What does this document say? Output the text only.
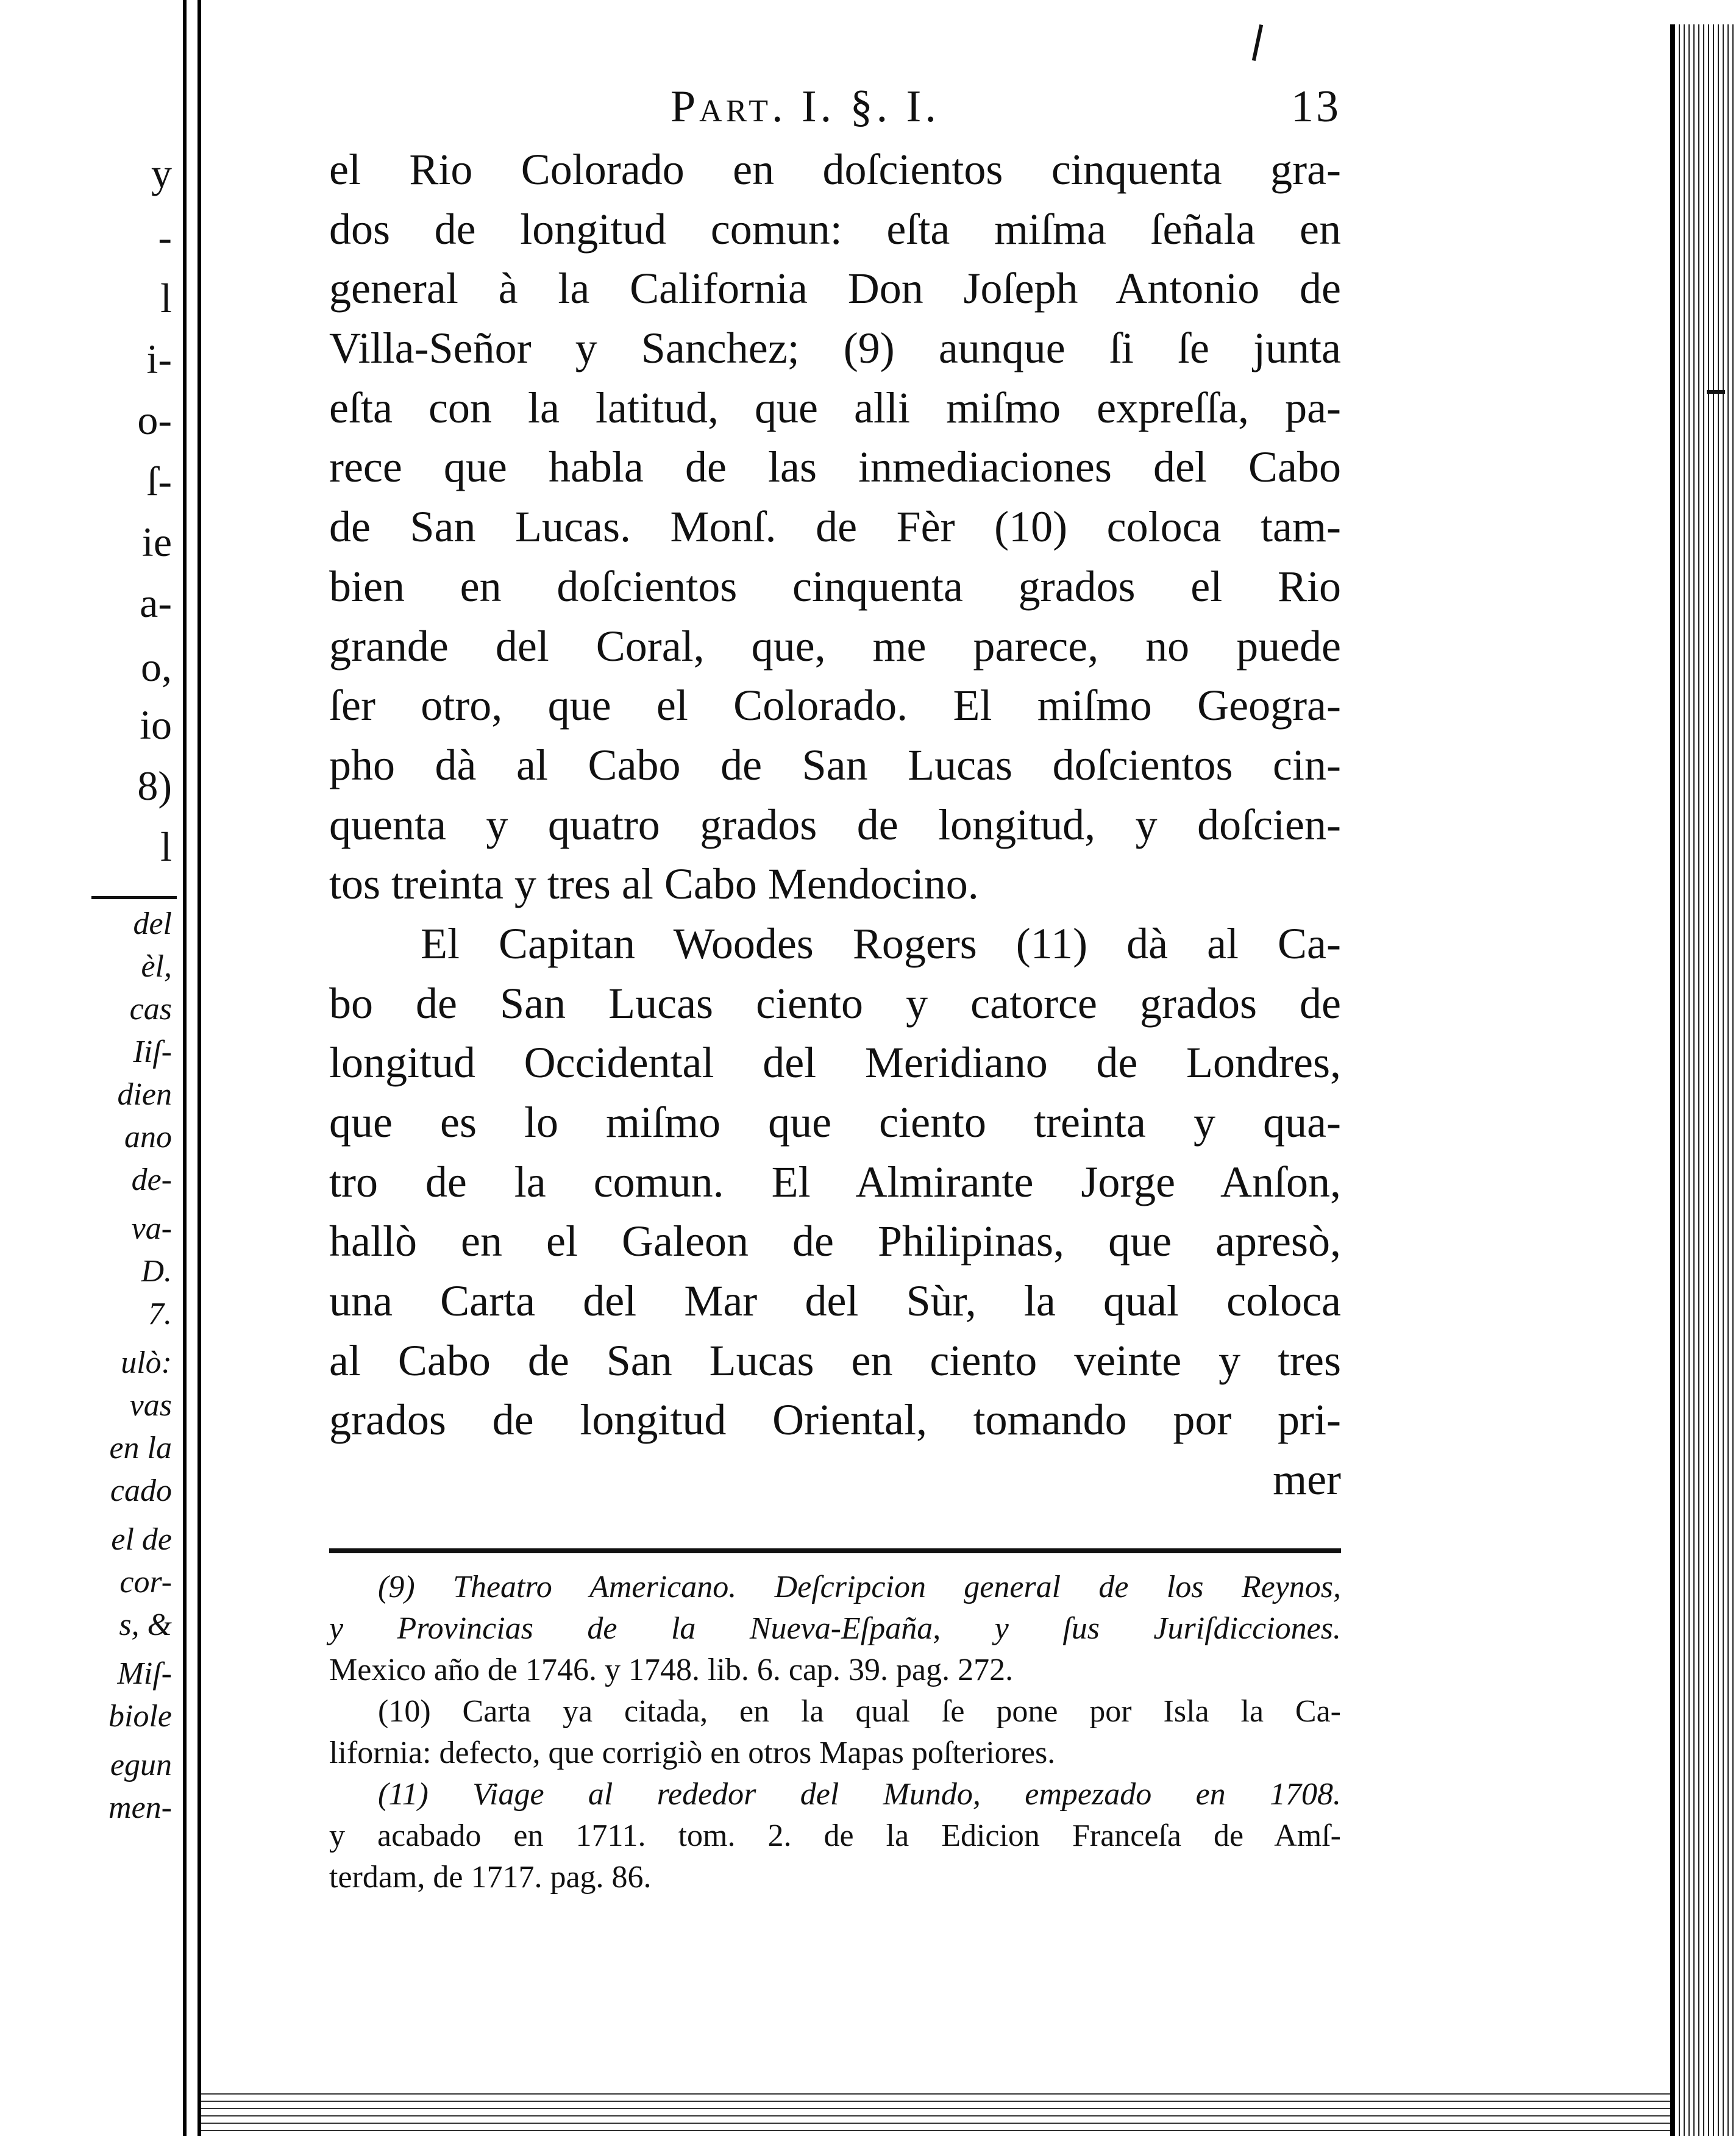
y
-
l
i-
o-
ſ-
ie
a-
o,
io
8)
l
del
èl,
cas
Iiſ-
dien
ano
de-
va-
D.
7.
ulò:
vas
en la
cado
el de
cor-
s, &
Miſ-
biole
egun
men-
Part. I. §. I.	13
el Rio Colorado en doſcientos cinquenta gra-
dos de longitud comun: eſta miſma ſeñala en
general à la California Don Joſeph Antonio de
Villa-Señor y Sanchez; (9) aunque ſi ſe junta
eſta con la latitud, que alli miſmo expreſſa, pa-
rece que habla de las inmediaciones del Cabo
de San Lucas. Monſ. de Fèr (10) coloca tam-
bien en doſcientos cinquenta grados el Rio
grande del Coral, que, me parece, no puede
ſer otro, que el Colorado. El miſmo Geogra-
pho dà al Cabo de San Lucas doſcientos cin-
quenta y quatro grados de longitud, y doſcien-
tos treinta y tres al Cabo Mendocino.
El Capitan Woodes Rogers (11) dà al Ca-
bo de San Lucas ciento y catorce grados de
longitud Occidental del Meridiano de Londres,
que es lo miſmo que ciento treinta y qua-
tro de la comun. El Almirante Jorge Anſon,
hallò en el Galeon de Philipinas, que apresò,
una Carta del Mar del Sùr, la qual coloca
al Cabo de San Lucas en ciento veinte y tres
grados de longitud Oriental, tomando por pri-
mer
(9) Theatro Americano. Deſcripcion general de los Reynos,
y Provincias de la Nueva-Eſpaña, y ſus Juriſdicciones.
Mexico año de 1746. y 1748. lib. 6. cap. 39. pag. 272.
(10) Carta ya citada, en la qual ſe pone por Isla la Ca-
lifornia: defecto, que corrigiò en otros Mapas poſteriores.
(11) Viage al rededor del Mundo, empezado en 1708.
y acabado en 1711. tom. 2. de la Edicion Franceſa de Amſ-
terdam, de 1717. pag. 86.
